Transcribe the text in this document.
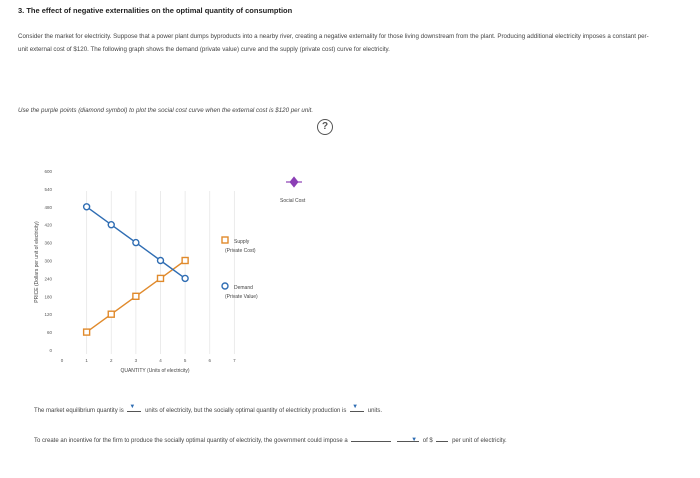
3. The effect of negative externalities on the optimal quantity of consumption
Consider the market for electricity. Suppose that a power plant dumps byproducts into a nearby river, creating a negative externality for those living downstream from the plant. Producing additional electricity imposes a constant per-unit external cost of $120. The following graph shows the demand (private value) curve and the supply (private cost) curve for electricity.
Use the purple points (diamond symbol) to plot the social cost curve when the external cost is $120 per unit.
?
0
60
120
180
240
300
360
420
480
540
600
0	1	2	3	4	5	6	7
QUANTITY (Units of electricity)
PRICE (Dollars per unit of electricity)	Supply
(Private Cost)
Demand
(Private Value)
Social Cost
The market equilibrium quantity is ▼	units of electricity, but the socially optimal quantity of electricity production is ▼	units.
To create an incentive for the firm to produce the socially optimal quantity of electricity, the government could impose a ▼	of $	per unit of electricity.
